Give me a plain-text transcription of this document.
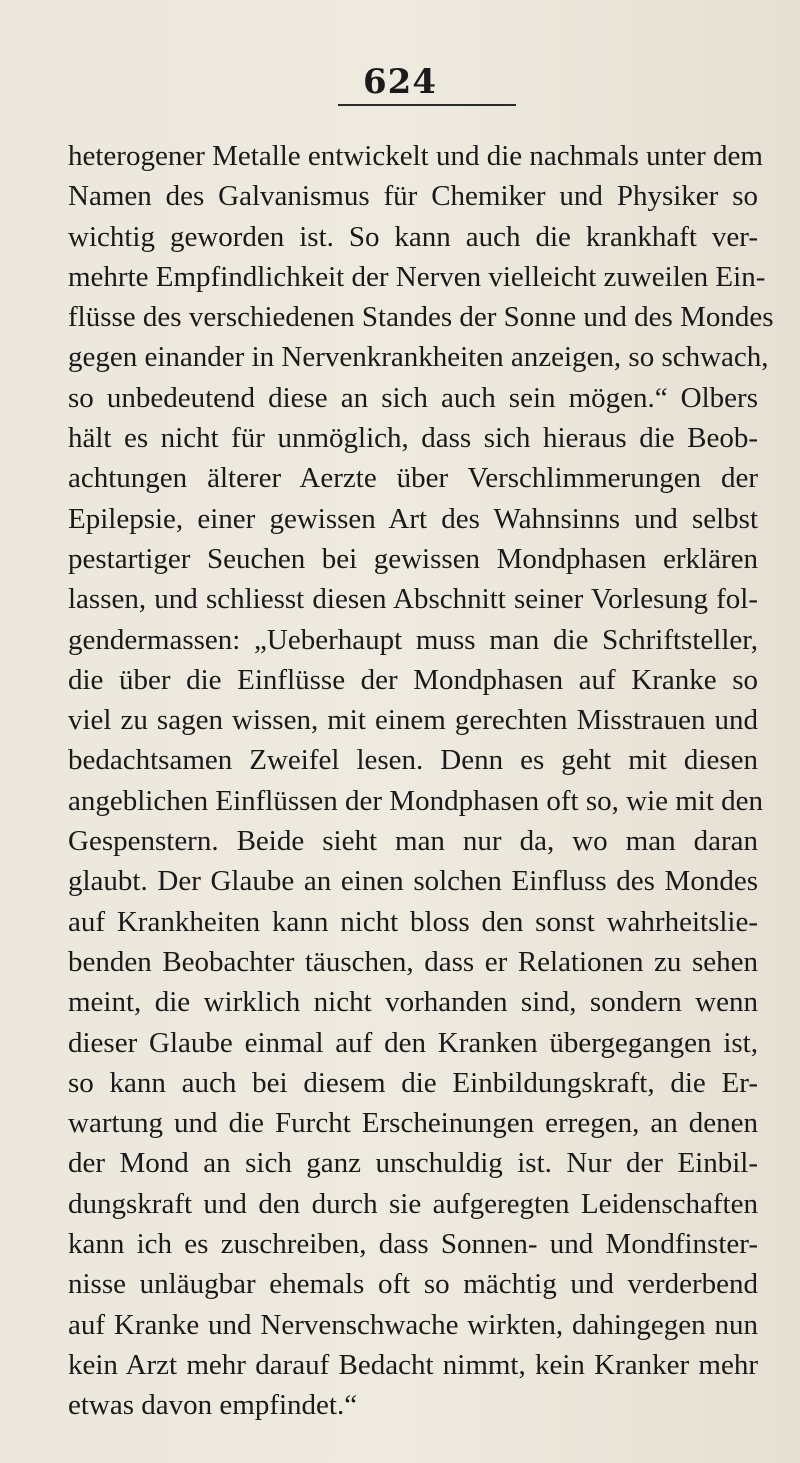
624
heterogener Metalle entwickelt und die nachmals unter dem
Namen des Galvanismus für Chemiker und Physiker so
wichtig geworden ist. So kann auch die krankhaft ver-
mehrte Empfindlichkeit der Nerven vielleicht zuweilen Ein-
flüsse des verschiedenen Standes der Sonne und des Mondes
gegen einander in Nervenkrankheiten anzeigen, so schwach,
so unbedeutend diese an sich auch sein mögen.“ Olbers
hält es nicht für unmöglich, dass sich hieraus die Beob-
achtungen älterer Aerzte über Verschlimmerungen der
Epilepsie, einer gewissen Art des Wahnsinns und selbst
pestartiger Seuchen bei gewissen Mondphasen erklären
lassen, und schliesst diesen Abschnitt seiner Vorlesung fol-
gendermassen: „Ueberhaupt muss man die Schriftsteller,
die über die Einflüsse der Mondphasen auf Kranke so
viel zu sagen wissen, mit einem gerechten Misstrauen und
bedachtsamen Zweifel lesen. Denn es geht mit diesen
angeblichen Einflüssen der Mondphasen oft so, wie mit den
Gespenstern. Beide sieht man nur da, wo man daran
glaubt. Der Glaube an einen solchen Einfluss des Mondes
auf Krankheiten kann nicht bloss den sonst wahrheitslie-
benden Beobachter täuschen, dass er Relationen zu sehen
meint, die wirklich nicht vorhanden sind, sondern wenn
dieser Glaube einmal auf den Kranken übergegangen ist,
so kann auch bei diesem die Einbildungskraft, die Er-
wartung und die Furcht Erscheinungen erregen, an denen
der Mond an sich ganz unschuldig ist. Nur der Einbil-
dungskraft und den durch sie aufgeregten Leidenschaften
kann ich es zuschreiben, dass Sonnen- und Mondfinster-
nisse unläugbar ehemals oft so mächtig und verderbend
auf Kranke und Nervenschwache wirkten, dahingegen nun
kein Arzt mehr darauf Bedacht nimmt, kein Kranker mehr
etwas davon empfindet.“
